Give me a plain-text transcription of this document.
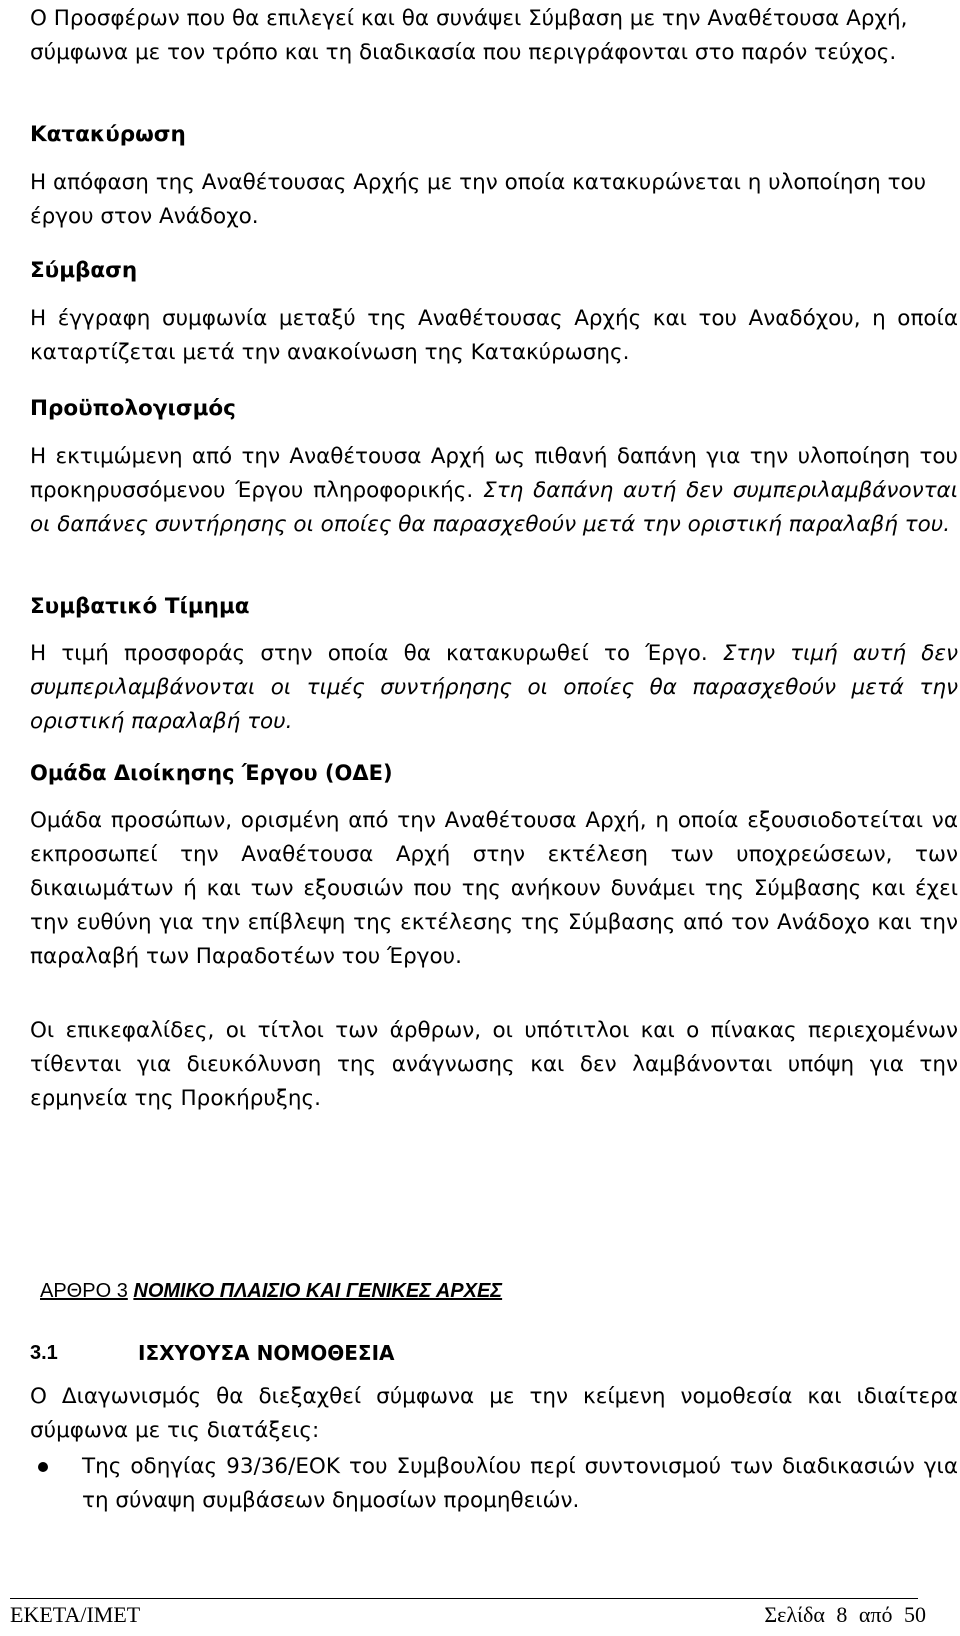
Ο Προσφέρων που θα επιλεγεί και θα συνάψει Σύμβαση με την Αναθέτουσα Αρχή, σύμφωνα με τον τρόπο και τη διαδικασία που περιγράφονται στο παρόν τεύχος.

Κατακύρωση

Η απόφαση της Αναθέτουσας Αρχής με την οποία κατακυρώνεται η υλοποίηση του έργου στον Ανάδοχο.

Σύμβαση

Η έγγραφη συμφωνία μεταξύ της Αναθέτουσας Αρχής και του Αναδόχου, η οποία καταρτίζεται μετά την ανακοίνωση της Κατακύρωσης.

Προϋπολογισμός

Η εκτιμώμενη από την Αναθέτουσα Αρχή ως πιθανή δαπάνη για την υλοποίηση του προκηρυσσόμενου Έργου πληροφορικής. Στη δαπάνη αυτή δεν συμπεριλαμβάνονται οι δαπάνες συντήρησης οι οποίες θα παρασχεθούν μετά την οριστική παραλαβή του.

Συμβατικό Τίμημα

Η τιμή προσφοράς στην οποία θα κατακυρωθεί το Έργο. Στην τιμή αυτή δεν συμπεριλαμβάνονται οι τιμές συντήρησης οι οποίες θα παρασχεθούν μετά την οριστική παραλαβή του.

Ομάδα Διοίκησης Έργου (ΟΔΕ)

Ομάδα προσώπων, ορισμένη από την Αναθέτουσα Αρχή, η οποία εξουσιοδοτείται να εκπροσωπεί την Αναθέτουσα Αρχή στην εκτέλεση των υποχρεώσεων, των δικαιωμάτων ή και των εξουσιών που της ανήκουν δυνάμει της Σύμβασης και έχει την ευθύνη για την επίβλεψη της εκτέλεσης της Σύμβασης από τον Ανάδοχο και την παραλαβή των Παραδοτέων του Έργου.

Οι επικεφαλίδες, οι τίτλοι των άρθρων, οι υπότιτλοι και ο πίνακας περιεχομένων τίθενται για διευκόλυνση της ανάγνωσης και δεν λαμβάνονται υπόψη για την ερμηνεία της Προκήρυξης.

ΑΡΘΡΟ 3 ΝΟΜΙΚΟ ΠΛΑΙΣΙΟ ΚΑΙ ΓΕΝΙΚΕΣ ΑΡΧΕΣ
3.1	ΙΣΧΥΟΥΣΑ ΝΟΜΟΘΕΣΙΑ

Ο Διαγωνισμός θα διεξαχθεί σύμφωνα με την κείμενη νομοθεσία και ιδιαίτερα σύμφωνα με τις διατάξεις:

Της οδηγίας 93/36/ΕΟΚ του Συμβουλίου περί συντονισμού των διαδικασιών για τη σύναψη συμβάσεων δημοσίων προμηθειών.

ΕΚΕΤΑ/ΙΜΕΤ	Σελίδα 8 από 50
